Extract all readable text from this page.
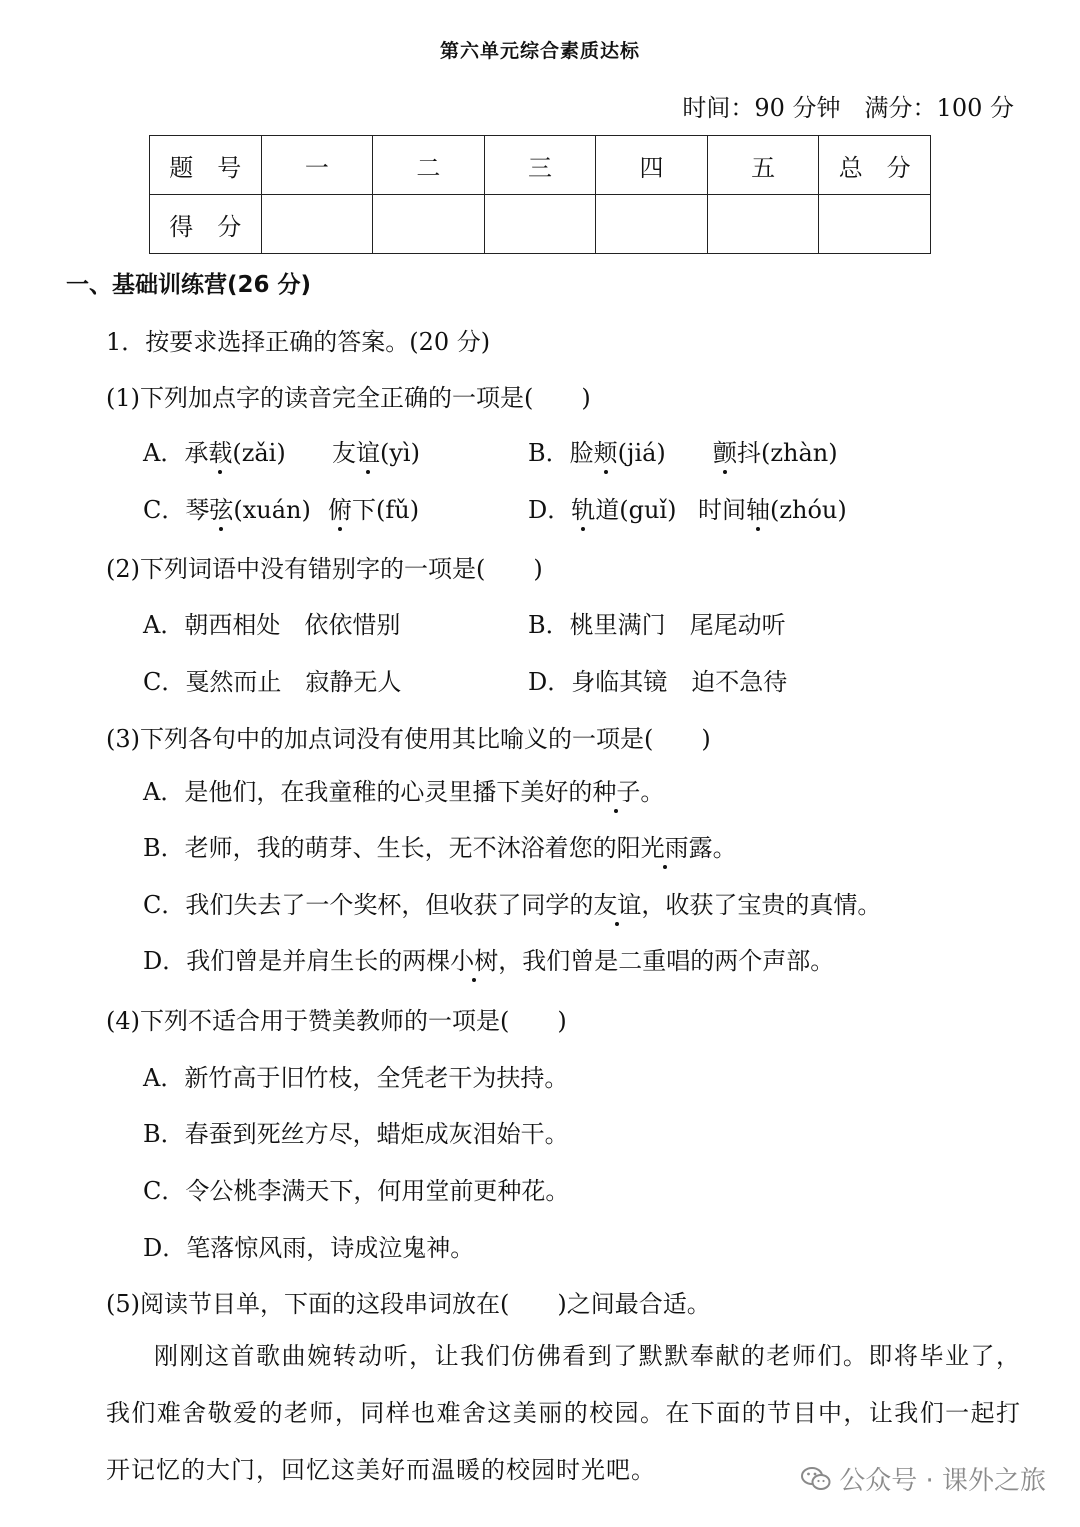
第六单元综合素质达标
时间：90 分钟　满分：100 分
题　号	一	二	三	四	五	总　分
得　分						
一、基础训练营(26 分)
1．按要求选择正确的答案。(20 分)
(1)下列加点字的读音完全正确的一项是(　　)
A．承载(zǎi) 友谊(yì)	B．脸颊(jiá) 颤抖(zhàn)
C．琴弦(xuán) 俯下(fǔ)	D．轨道(guǐ) 时间轴(zhóu)
(2)下列词语中没有错别字的一项是(　　)
A．朝西相处　依依惜别	B．桃里满门　尾尾动听
C．戛然而止　寂静无人	D．身临其镜　迫不急待
(3)下列各句中的加点词没有使用其比喻义的一项是(　　)
A．是他们，在我童稚的心灵里播下美好的种子。
B．老师，我的萌芽、生长，无不沐浴着您的阳光雨露。
C．我们失去了一个奖杯，但收获了同学的友谊，收获了宝贵的真情。
D．我们曾是并肩生长的两棵小树，我们曾是二重唱的两个声部。
(4)下列不适合用于赞美教师的一项是(　　)
A．新竹高于旧竹枝，全凭老干为扶持。
B．春蚕到死丝方尽，蜡炬成灰泪始干。
C．令公桃李满天下，何用堂前更种花。
D．笔落惊风雨，诗成泣鬼神。
(5)阅读节目单，下面的这段串词放在(　　)之间最合适。
刚刚这首歌曲婉转动听，让我们仿佛看到了默默奉献的老师们。即将毕业了，我们难舍敬爱的老师，同样也难舍这美丽的校园。在下面的节目中，让我们一起打开记忆的大门，回忆这美好而温暖的校园时光吧。	公众号 · 课外之旅
